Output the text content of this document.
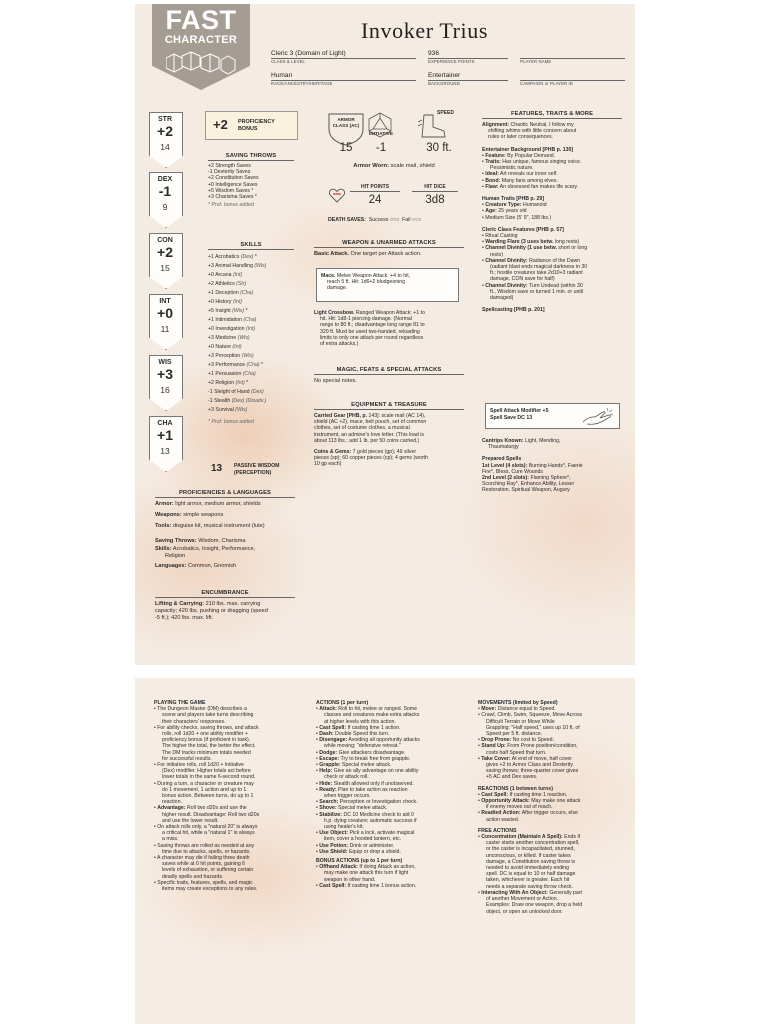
FAST
CHARACTER	Invoker Trius
Cleric 3 (Domain of Light)
CLASS & LEVEL
936
EXPERIENCE POINTS
	PLAYER NAME
Human
RACE/ANCESTRY/HERITAGE
Entertainer
BACKGROUND
	CAMPAIGN or PLAYER ID
STR
+2
14
DEX
-1
9
CON
+2
15
INT
+0
11
WIS
+3
16
CHA
+1
13
+2 PROFICIENCY
BONUS
SAVING THROWS
+2 Strength Saves
-1 Dexterity Saves
+2 Constitution Saves
+0 Intelligence Saves
+5 Wisdom Saves *
+3 Charisma Saves *
* Prof. bonus added
SKILLS
+1 Acrobatics (Dex) *
+3 Animal Handling (Wis)
+0 Arcana (Int)
+2 Athletics (Str)
+1 Deception (Cha)
+0 History (Int)
+5 Insight (Wis) *
+1 Intimidation (Cha)
+0 Investigation (Int)
+3 Medicine (Wis)
+0 Nature (Int)
+3 Perception (Wis)
+3 Performance (Cha) *
+1 Persuasion (Cha)
+2 Religion (Int) *
-1 Sleight of Hand (Dex)
-1 Stealth (Dex) (Disadv.)
+3 Survival (Wis)
* Prof. bonus added
13 PASSIVE WISDOM
(PERCEPTION)
PROFICIENCIES & LANGUAGES
Armor: light armor, medium armor, shields
Weapons: simple weapons
Tools: disguise kit, musical instrument (lute)
Saving Throws: Wisdom, Charisma
Skills: Acrobatics, Insight, Performance,
Religion
Languages: Common, Gnomish
ENCUMBRANCE
Lifting & Carrying: 210 lbs. max. carrying
capacity; 420 lbs. pushing or dragging (speed
-5 ft.); 420 lbs. max. lift.
ARMOR CLASS (AC)
INITIATIVE
SPEED
15	-1	30 ft.
Armor Worn: scale mail, shield
HIT POINTS
24
HIT DICE
3d8
DEATH SAVES: Success ○○○ Fail ○○○
WEAPON & UNARMED ATTACKS
Basic Attack. One target per Attack action.
Mace. Melee Weapon Attack: +4 to hit,
reach 5 ft. Hit: 1d6+2 bludgeoning
damage.
Light Crossbow. Ranged Weapon Attack: +1 to
hit. Hit: 1d8-1 piercing damage. (Normal
range to 80 ft.; disadvantage long range 81 to
320 ft. Must be used two-handed, reloading
limits to only one attack per round regardless
of extra attacks.)
MAGIC, FEATS & SPECIAL ATTACKS
No special notes.
EQUIPMENT & TREASURE
Carried Gear [PHB, p. 143]: scale mail (AC 14),
shield (AC +2), mace, belt pouch, set of common
clothes, set of costume clothes, a musical
instrument, an admirer's love letter. (This load is
about 113 lbs.; add 1 lb. per 50 coins carried.)
Coins & Gems: 7 gold pieces (gp); 49 silver
pieces (sp); 60 copper pieces (cp); 4 gems (worth
10 gp each)
FEATURES, TRAITS & MORE
Alignment: Chaotic Neutral. I follow my
shifting whims with little concern about
rules or later consequences.
Entertainer Background [PHB p. 130]
• Feature: By Popular Demand.
• Traits: Has unique, famous singing voice.
Pessimistic nature.
• Ideal: Art reveals our inner self.
• Bond: Many fans among elves.
• Flaw: An obsessed fan makes life scary.
Human Traits [PHB p. 29]
• Creature Type: Humanoid
• Age: 25 years old
• Medium Size (5' 9", 188 lbs.)
Cleric Class Features [PHB p. 57]
• Ritual Casting
• Warding Flare (3 uses betw. long rests)
• Channel Divinity (1 use betw. short or long
rests)
• Channel Divinity: Radiance of the Dawn
(radiant blast ends magical darkness in 30
ft.; hostile creatures take 2d10+3 radiant
damage, CON save for half)
• Channel Divinity: Turn Undead (within 30
ft., Wisdom save or turned 1 min. or until
damaged)
Spellcasting [PHB p. 201]
Spell Attack Modifier +5
Spell Save DC 13
Cantrips Known: Light, Mending,
Thaumaturgy
Prepared Spells
1st Level (4 slots): Burning Hands*, Faerie
Fire*, Bless, Cure Wounds
2nd Level (2 slots): Flaming Sphere*,
Scorching Ray*, Enhance Ability, Lesser
Restoration, Spiritual Weapon, Augury
PLAYING THE GAME
• The Dungeon Master (DM) describes a
scene and players take turns describing
their characters' responses.
• For ability checks, saving throws, and attack
rolls, roll 1d20 + one ability modifier +
proficiency bonus (if proficient in task).
The higher the total, the better the effect.
The DM tracks minimum totals needed
for successful results.
• For initiative rolls, roll 1d20 + Initiative
(Dex) modifier. Higher totals act before
lower totals in the same 6-second round.
• During a turn, a character or creature may
do 1 movement, 1 action and up to 1
bonus action. Between turns, do up to 1
reaction.
• Advantage: Roll two d20s and use the
higher result. Disadvantage: Roll two d20s
and use the lower result.
• On attack rolls only, a "natural 20" is always
a critical hit, while a "natural 1" is always
a miss.
• Saving throws are rolled as needed at any
time due to attacks, spells, or hazards.
• A character may die if failing three death
saves while at 0 hit points, gaining 6
levels of exhaustion, or suffering certain
deadly spells and hazards.
• Specific traits, features, spells, and magic
items may create exceptions to any rules.
ACTIONS (1 per turn)
• Attack: Roll to hit, melee or ranged. Some
classes and creatures make extra attacks
at higher levels with this action.
• Cast Spell: If casting time 1 action.
• Dash: Double Speed this turn.
• Disengage: Avoiding all opportunity attacks
while moving; "defensive retreat."
• Dodge: Give attackers disadvantage.
• Escape: Try to break free from grapple.
• Grapple: Special melee attack.
• Help: Give an ally advantage on one ability
check or attack roll.
• Hide: Stealth allowed only if unobserved.
• Ready: Plan to take action as reaction
when trigger occurs.
• Search: Perception or Investigation check.
• Shove: Special melee attack.
• Stabilize: DC 10 Medicine check to aid 0
h.p. dying creature; automatic success if
using healer's kit.
• Use Object: Pick a lock, activate magical
item, cover a hooded lantern, etc.
• Use Potion: Drink or administer.
• Use Shield: Equip or drop a shield.
BONUS ACTIONS (up to 1 per turn)
• Offhand Attack: If doing Attack as action,
may make one attack this turn if light
weapon in other hand.
• Cast Spell: If casting time 1 bonus action.
MOVEMENTS (limited by Speed)
• Move: Distance equal to Speed.
• Crawl, Climb, Swim, Squeeze, Move Across
Difficult Terrain or Move While
Grappling: "Half speed," uses up 10 ft. of
Speed per 5 ft. distance.
• Drop Prone: No cost to Speed.
• Stand Up: From Prone position/condition,
costs half Speed that turn.
• Take Cover: At end of move, half cover
gives +2 to Armor Class and Dexterity
saving throws; three-quarter cover gives
+5 AC and Dex saves.
REACTIONS (1 between turns)
• Cast Spell: If casting time 1 reaction.
• Opportunity Attack: May make one attack
if enemy moves out of reach.
• Readied Action: After trigger occurs, else
action wasted.
FREE ACTIONS
• Concentration (Maintain A Spell): Ends if
caster starts another concentration spell,
or the caster is incapacitated, stunned,
unconscious, or killed. If caster takes
damage, a Constitution saving throw is
needed to avoid immediately ending
spell. DC is equal to 10 or half damage
taken, whichever is greater. Each hit
needs a separate saving throw check.
• Interacting With An Object: Generally part
of another Movement or Action.
Examples: Draw one weapon, drop a held
object, or open an unlocked door.
